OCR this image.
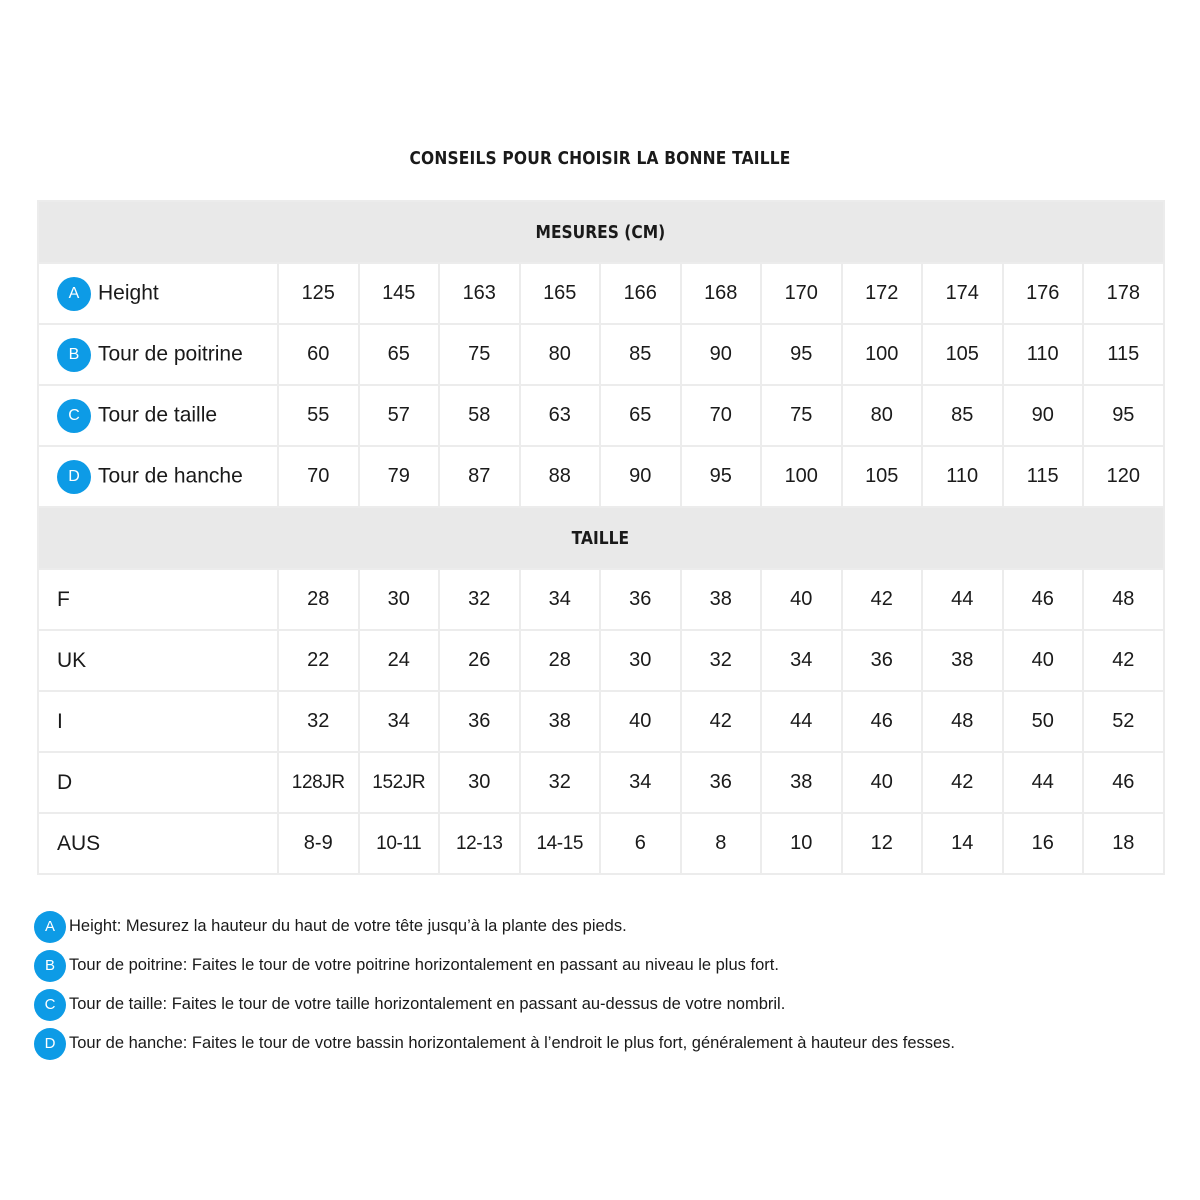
CONSEILS POUR CHOISIR LA BONNE TAILLE
MESURES (CM)											
A Height	125	145	163	165	166	168	170	172	174	176	178
B Tour de poitrine	60	65	75	80	85	90	95	100	105	110	115
C Tour de taille	55	57	58	63	65	70	75	80	85	90	95
D Tour de hanche	70	79	87	88	90	95	100	105	110	115	120
TAILLE											
F	28	30	32	34	36	38	40	42	44	46	48
UK	22	24	26	28	30	32	34	36	38	40	42
I	32	34	36	38	40	42	44	46	48	50	52
D	128JR	152JR	30	32	34	36	38	40	42	44	46
AUS	8-9	10-11	12-13	14-15	6	8	10	12	14	16	18
A Height: Mesurez la hauteur du haut de votre tête jusqu’à la plante des pieds.
B Tour de poitrine: Faites le tour de votre poitrine horizontalement en passant au niveau le plus fort.
C Tour de taille: Faites le tour de votre taille horizontalement en passant au-dessus de votre nombril.
D Tour de hanche: Faites le tour de votre bassin horizontalement à l’endroit le plus fort, généralement à hauteur des fesses.
